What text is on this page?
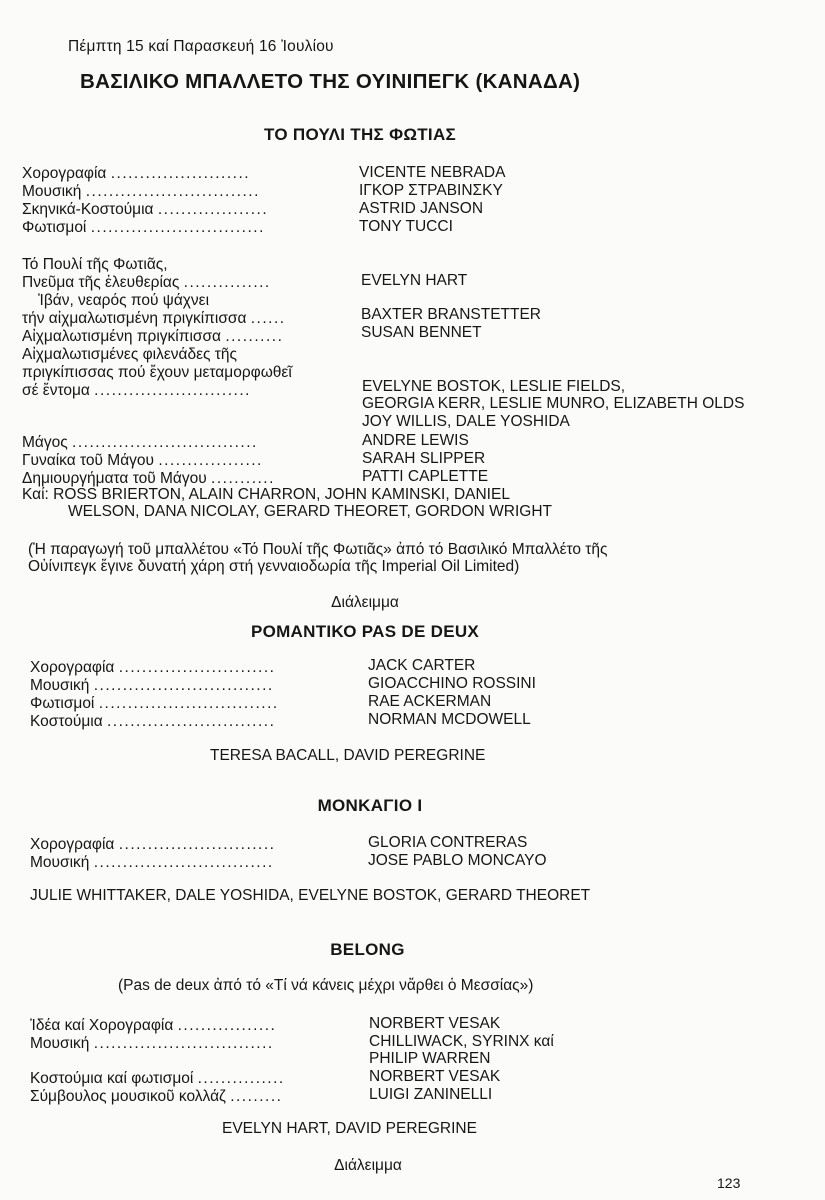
Πέμπτη 15 καί Παρασκευή 16 Ἰουλίου
ΒΑΣΙΛΙΚΟ ΜΠΑΛΛΕΤΟ ΤΗΣ ΟΥΙΝΙΠΕΓΚ (ΚΑΝΑΔΑ)
ΤΟ ΠΟΥΛΙ ΤΗΣ ΦΩΤΙΑΣ
Χορογραφία ........................	VICENTE NEBRADA
Μουσική ..............................	ΙΓΚΟΡ ΣΤΡΑΒΙΝΣΚΥ
Σκηνικά-Κοστούμια ...................	ASTRID JANSON
Φωτισμοί ..............................	TONY TUCCI
Τό Πουλί τῆς Φωτιᾶς,
Πνεῦμα τῆς ἐλευθερίας ...............	EVELYN HART
Ἰβάν, νεαρός πού ψάχνει
τήν αἰχμαλωτισμένη πριγκίπισσα ......	BAXTER BRANSTETTER
Αἰχμαλωτισμένη πριγκίπισσα ..........	SUSAN BENNET
Αἰχμαλωτισμένες φιλενάδες τῆς
πριγκίπισσας πού ἔχουν μεταμορφωθεῖ
σέ ἔντομα ...........................	EVELYNE BOSTOK, LESLIE FIELDS,
GEORGIA KERR, LESLIE MUNRO, ELIZABETH OLDS
JOY WILLIS, DALE YOSHIDA
Μάγος ................................	ANDRE LEWIS
Γυναίκα τοῦ Μάγου ..................	SARAH SLIPPER
Δημιουργήματα τοῦ Μάγου ...........	PATTI CAPLETTE
Καί: ROSS BRIERTON, ALAIN CHARRON, JOHN KAMINSKI, DANIEL
WELSON, DANA NICOLAY, GERARD THEORET, GORDON WRIGHT
(Ἡ παραγωγή τοῦ μπαλλέτου «Τό Πουλί τῆς Φωτιᾶς» ἀπό τό Βασιλικό Μπαλλέτο τῆς
Οὐίνιπεγκ ἔγινε δυνατή χάρη στή γενναιοδωρία τῆς Imperial Oil Limited)
Διάλειμμα
ΡΟΜΑΝΤΙΚΟ PAS DE DEUX
Χορογραφία ...........................	JACK CARTER
Μουσική ...............................	GIOACCHINO ROSSINI
Φωτισμοί ...............................	RAE ACKERMAN
Κοστούμια .............................	NORMAN MCDOWELL
TERESA BACALL, DAVID PEREGRINE
ΜΟΝΚΑΓΙΟ Ι
Χορογραφία ...........................	GLORIA CONTRERAS
Μουσική ...............................	JOSE PABLO MONCAYO
JULIE WHITTAKER, DALE YOSHIDA, EVELYNE BOSTOK, GERARD THEORET
BELONG
(Pas de deux ἀπό τό «Τί νά κάνεις μέχρι νἄρθει ὁ Μεσσίας»)
Ἰδέα καί Χορογραφία .................	NORBERT VESAK
Μουσική ...............................	CHILLIWACK, SYRINX καί
PHILIP WARREN
Κοστούμια καί φωτισμοί ...............	NORBERT VESAK
Σύμβουλος μουσικοῦ κολλάζ .........	LUIGI ZANINELLI
EVELYN HART, DAVID PEREGRINE
Διάλειμμα
123
